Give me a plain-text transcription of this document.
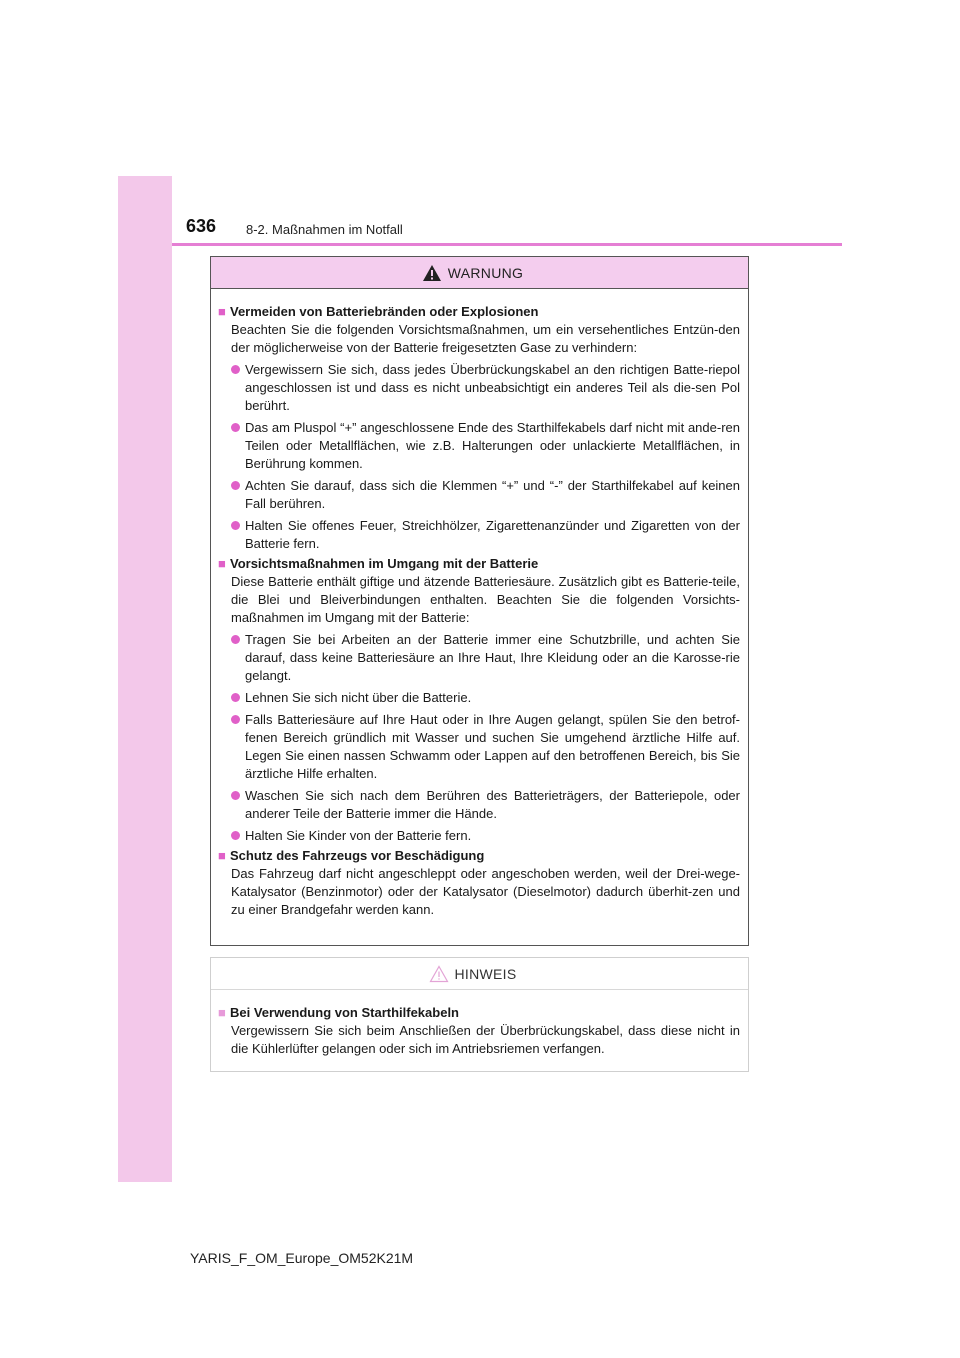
636 8-2. Maßnahmen im Notfall
WARNUNG
■ Vermeiden von Batteriebränden oder Explosionen
Beachten Sie die folgenden Vorsichtsmaßnahmen, um ein versehentliches Entzün-den der möglicherweise von der Batterie freigesetzten Gase zu verhindern:
Vergewissern Sie sich, dass jedes Überbrückungskabel an den richtigen Batte-riepol angeschlossen ist und dass es nicht unbeabsichtigt ein anderes Teil als die-sen Pol berührt.
Das am Pluspol “+” angeschlossene Ende des Starthilfekabels darf nicht mit ande-ren Teilen oder Metallflächen, wie z.B. Halterungen oder unlackierte Metallflächen, in Berührung kommen.
Achten Sie darauf, dass sich die Klemmen “+” und “-” der Starthilfekabel auf keinen Fall berühren.
Halten Sie offenes Feuer, Streichhölzer, Zigarettenanzünder und Zigaretten von der Batterie fern.
■ Vorsichtsmaßnahmen im Umgang mit der Batterie
Diese Batterie enthält giftige und ätzende Batteriesäure. Zusätzlich gibt es Batterie-teile, die Blei und Bleiverbindungen enthalten. Beachten Sie die folgenden Vorsichts-maßnahmen im Umgang mit der Batterie:
Tragen Sie bei Arbeiten an der Batterie immer eine Schutzbrille, und achten Sie darauf, dass keine Batteriesäure an Ihre Haut, Ihre Kleidung oder an die Karosse-rie gelangt.
Lehnen Sie sich nicht über die Batterie.
Falls Batteriesäure auf Ihre Haut oder in Ihre Augen gelangt, spülen Sie den betrof-fenen Bereich gründlich mit Wasser und suchen Sie umgehend ärztliche Hilfe auf. Legen Sie einen nassen Schwamm oder Lappen auf den betroffenen Bereich, bis Sie ärztliche Hilfe erhalten.
Waschen Sie sich nach dem Berühren des Batterieträgers, der Batteriepole, oder anderer Teile der Batterie immer die Hände.
Halten Sie Kinder von der Batterie fern.
■ Schutz des Fahrzeugs vor Beschädigung
Das Fahrzeug darf nicht angeschleppt oder angeschoben werden, weil der Drei-wege-Katalysator (Benzinmotor) oder der Katalysator (Dieselmotor) dadurch überhit-zen und zu einer Brandgefahr werden kann.
HINWEIS
■ Bei Verwendung von Starthilfekabeln
Vergewissern Sie sich beim Anschließen der Überbrückungskabel, dass diese nicht in die Kühlerlüfter gelangen oder sich im Antriebsriemen verfangen.
YARIS_F_OM_Europe_OM52K21M
